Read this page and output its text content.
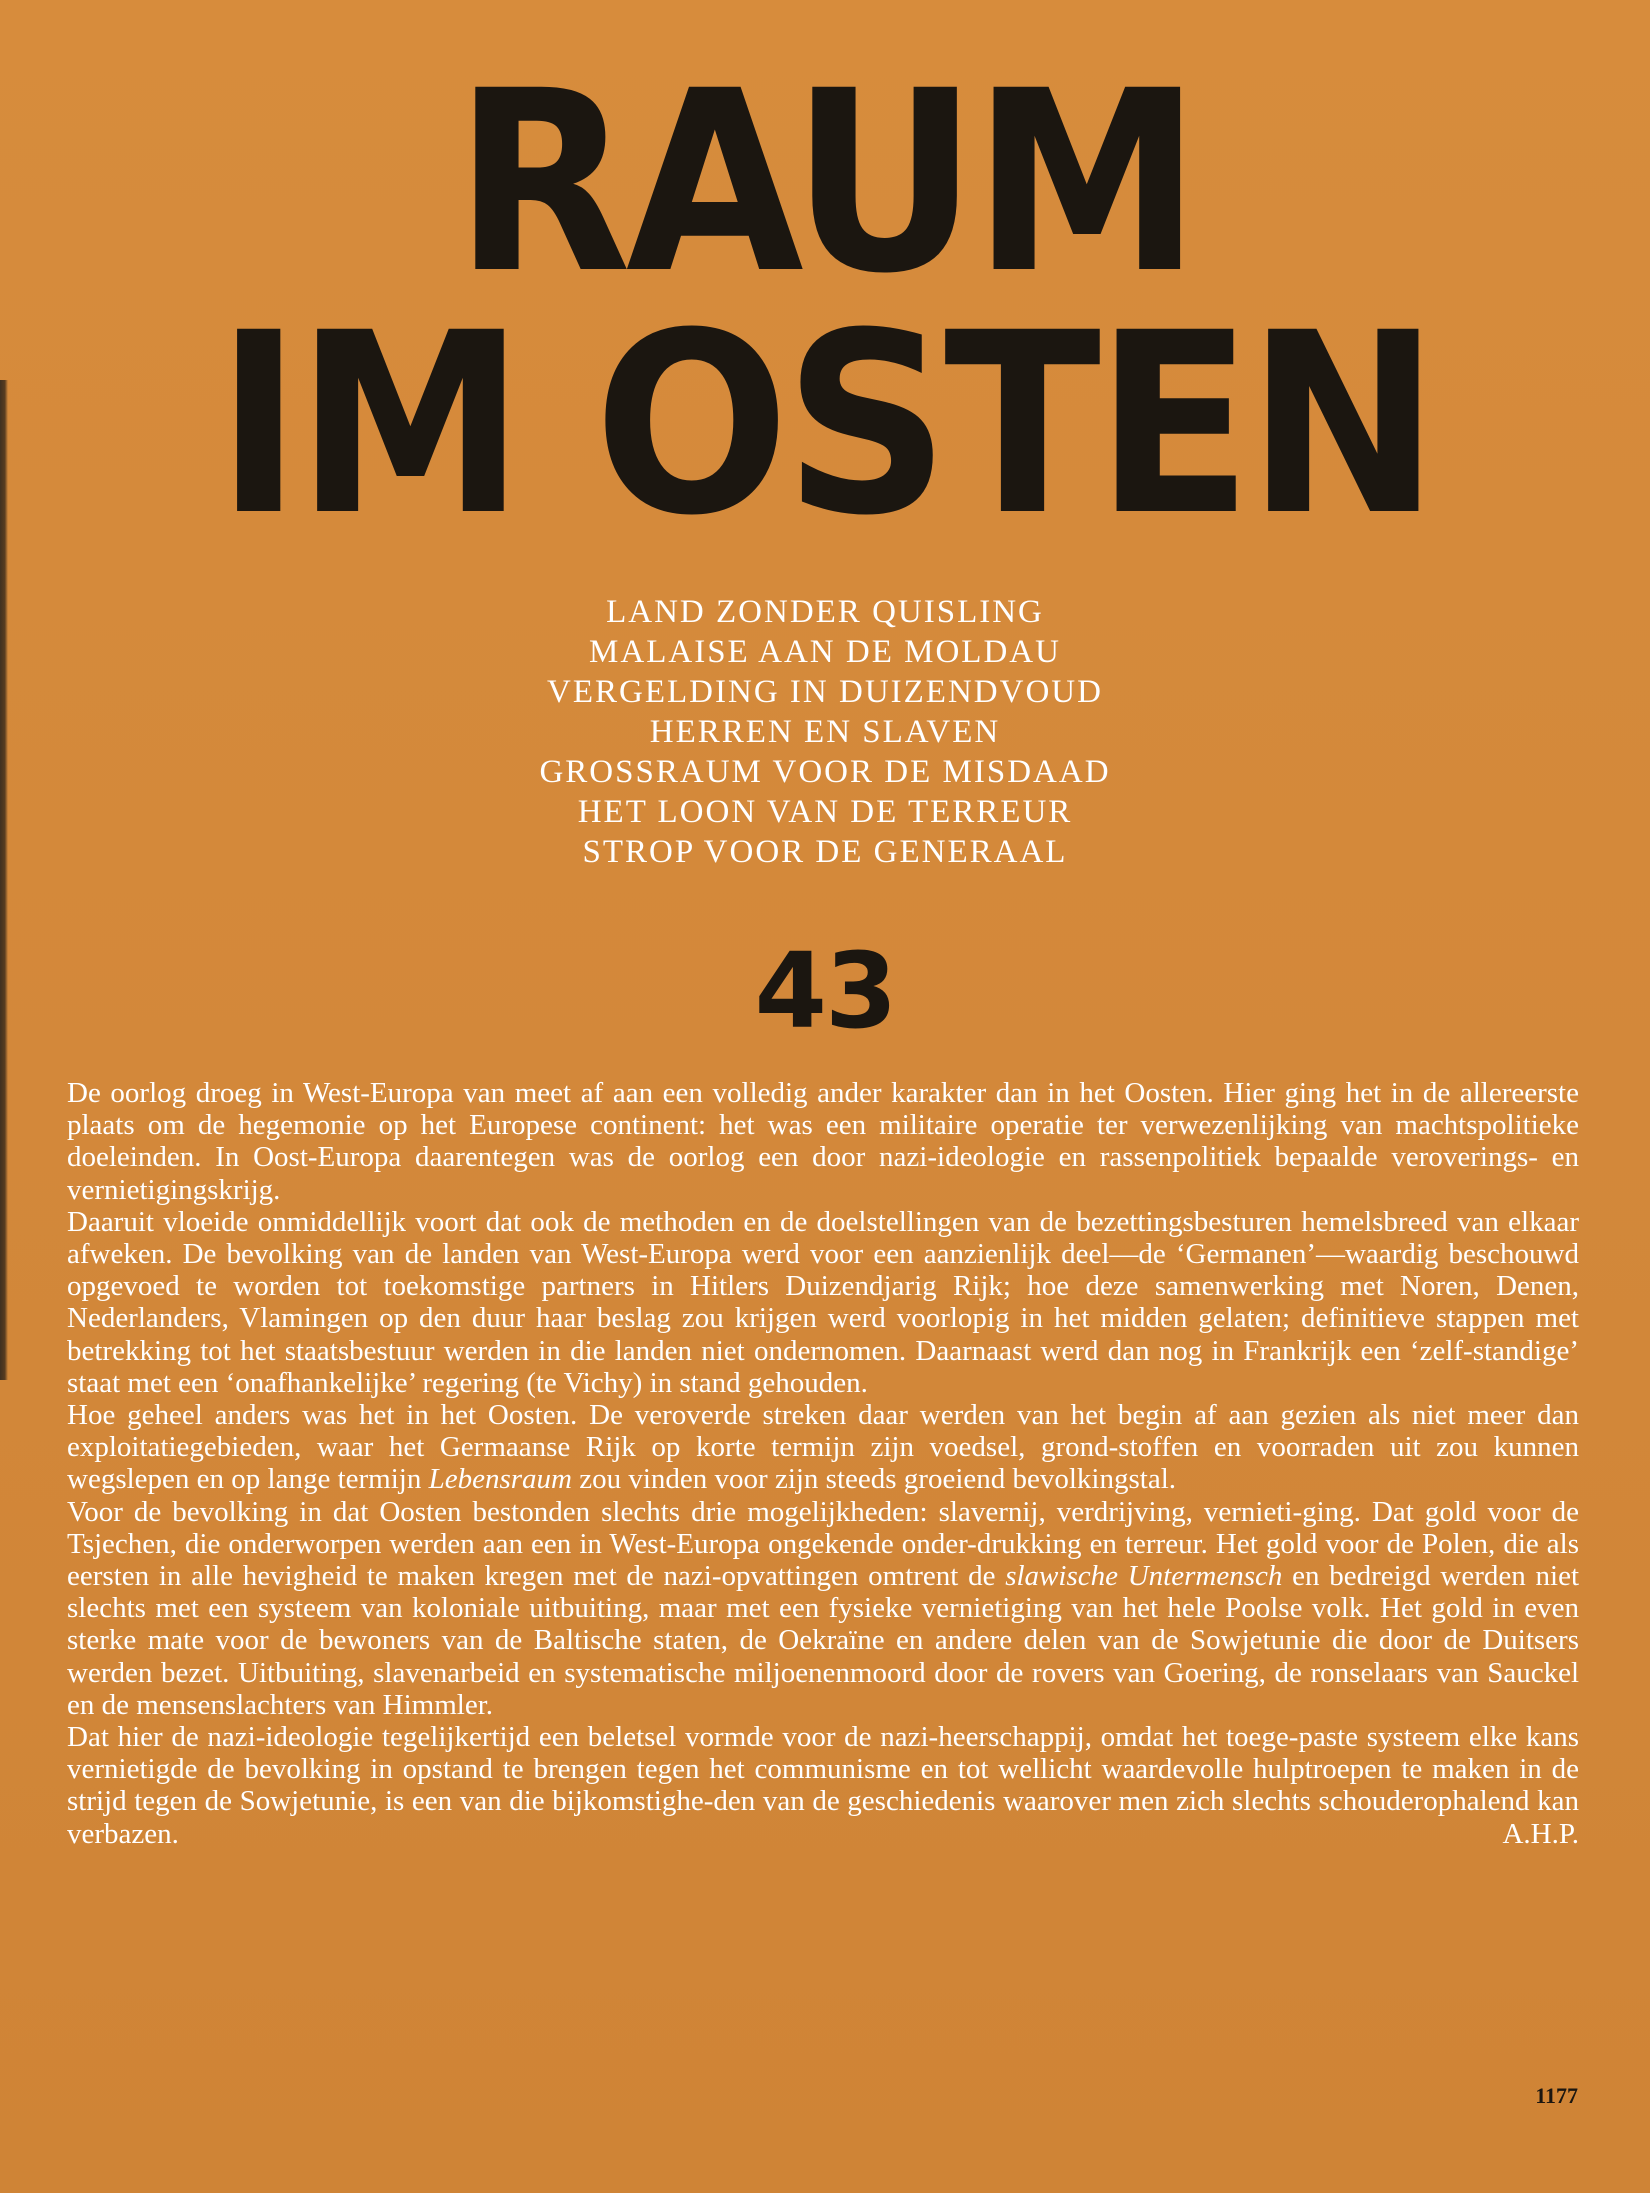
RAUM
IM OSTEN
LAND ZONDER QUISLING
MALAISE AAN DE MOLDAU
VERGELDING IN DUIZENDVOUD
HERREN EN SLAVEN
GROSSRAUM VOOR DE MISDAAD
HET LOON VAN DE TERREUR
STROP VOOR DE GENERAAL
43

De oorlog droeg in West-Europa van meet af aan een volledig ander karakter dan in het Oosten. Hier ging het in de allereerste plaats om de hegemonie op het Europese continent: het was een militaire operatie ter verwezenlijking van machtspolitieke doeleinden. In Oost-Europa daarentegen was de oorlog een door nazi-ideologie en rassenpolitiek bepaalde veroverings- en vernietigingskrijg.

Daaruit vloeide onmiddellijk voort dat ook de methoden en de doelstellingen van de bezettingsbesturen hemelsbreed van elkaar afweken. De bevolking van de landen van West-Europa werd voor een aanzienlijk deel—de ‘Germanen’—waardig beschouwd opgevoed te worden tot toekomstige partners in Hitlers Duizendjarig Rijk; hoe deze samenwerking met Noren, Denen, Nederlanders, Vlamingen op den duur haar beslag zou krijgen werd voorlopig in het midden gelaten; definitieve stappen met betrekking tot het staatsbestuur werden in die landen niet ondernomen. Daarnaast werd dan nog in Frankrijk een ‘zelf-standige’ staat met een ‘onafhankelijke’ regering (te Vichy) in stand gehouden.

Hoe geheel anders was het in het Oosten. De veroverde streken daar werden van het begin af aan gezien als niet meer dan exploitatiegebieden, waar het Germaanse Rijk op korte termijn zijn voedsel, grond-stoffen en voorraden uit zou kunnen wegslepen en op lange termijn Lebensraum zou vinden voor zijn steeds groeiend bevolkingstal.

Voor de bevolking in dat Oosten bestonden slechts drie mogelijkheden: slavernij, verdrijving, vernieti-ging. Dat gold voor de Tsjechen, die onderworpen werden aan een in West-Europa ongekende onder-drukking en terreur. Het gold voor de Polen, die als eersten in alle hevigheid te maken kregen met de nazi-opvattingen omtrent de slawische Untermensch en bedreigd werden niet slechts met een systeem van koloniale uitbuiting, maar met een fysieke vernietiging van het hele Poolse volk. Het gold in even sterke mate voor de bewoners van de Baltische staten, de Oekraïne en andere delen van de Sowjetunie die door de Duitsers werden bezet. Uitbuiting, slavenarbeid en systematische miljoenenmoord door de rovers van Goering, de ronselaars van Sauckel en de mensenslachters van Himmler.

Dat hier de nazi-ideologie tegelijkertijd een beletsel vormde voor de nazi-heerschappij, omdat het toege-paste systeem elke kans vernietigde de bevolking in opstand te brengen tegen het communisme en tot wellicht waardevolle hulptroepen te maken in de strijd tegen de Sowjetunie, is een van die bijkomstighe-den van de geschiedenis waarover men zich slechts schouderophalend kan verbazen.	A.H.P.

1177
